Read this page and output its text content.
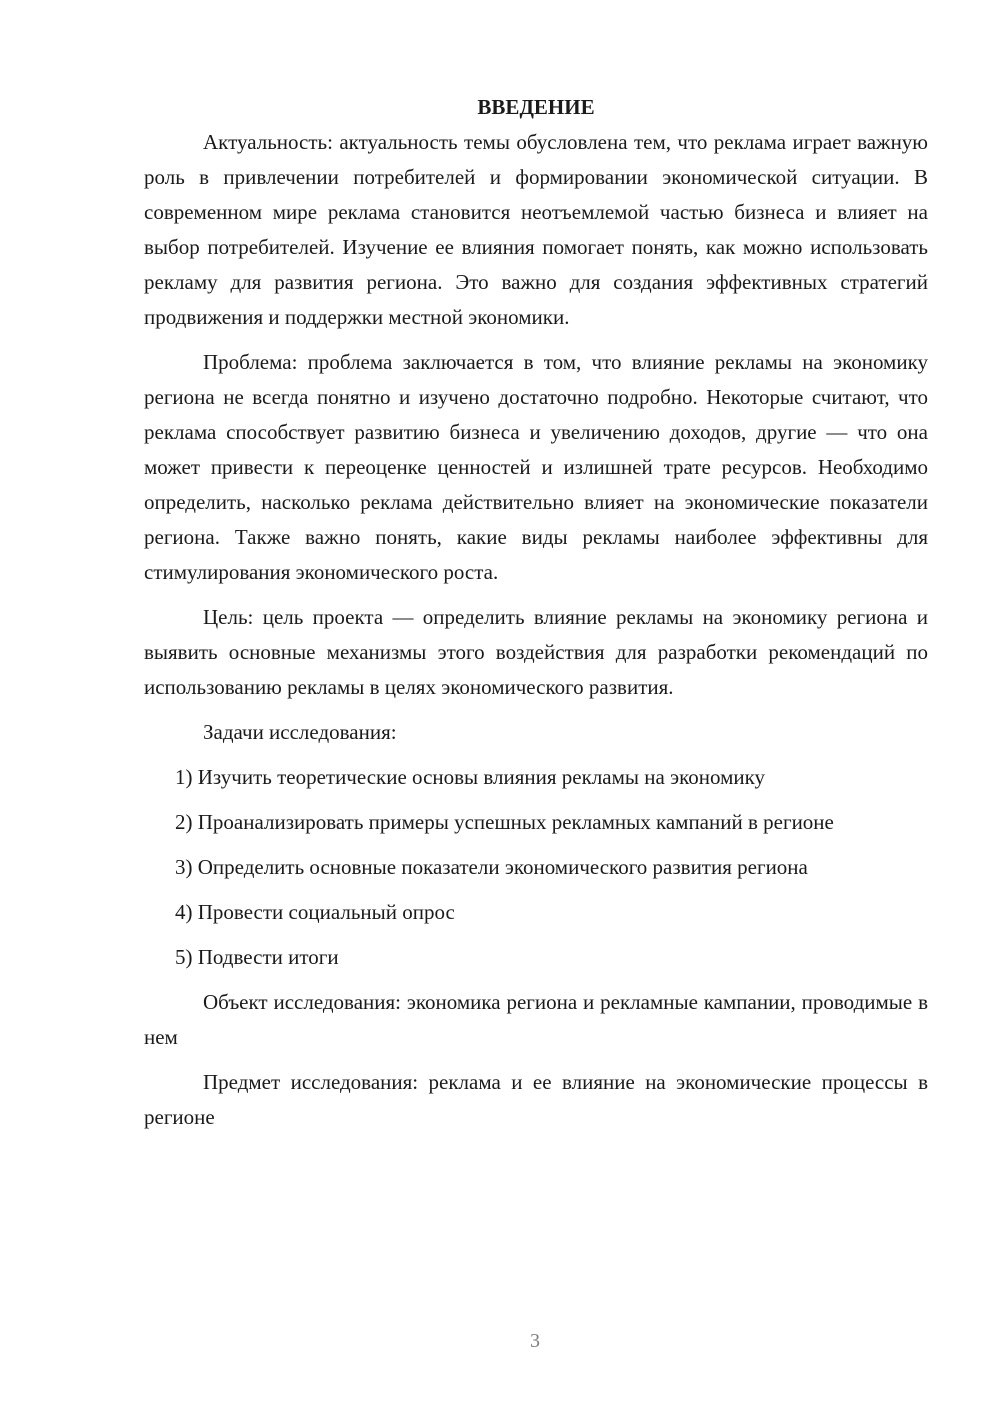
ВВЕДЕНИЕ

Актуальность: актуальность темы обусловлена тем, что реклама играет важную роль в привлечении потребителей и формировании экономической ситуации. В современном мире реклама становится неотъемлемой частью бизнеса и влияет на выбор потребителей. Изучение ее влияния помогает понять, как можно использовать рекламу для развития региона. Это важно для создания эффективных стратегий продвижения и поддержки местной экономики.

Проблема: проблема заключается в том, что влияние рекламы на экономику региона не всегда понятно и изучено достаточно подробно. Некоторые считают, что реклама способствует развитию бизнеса и увеличению доходов, другие — что она может привести к переоценке ценностей и излишней трате ресурсов. Необходимо определить, насколько реклама действительно влияет на экономические показатели региона. Также важно понять, какие виды рекламы наиболее эффективны для стимулирования экономического роста.

Цель: цель проекта — определить влияние рекламы на экономику региона и выявить основные механизмы этого воздействия для разработки рекомендаций по использованию рекламы в целях экономического развития.

Задачи исследования:

1) Изучить теоретические основы влияния рекламы на экономику

2) Проанализировать примеры успешных рекламных кампаний в регионе

3) Определить основные показатели экономического развития региона

4) Провести социальный опрос

5) Подвести итоги

Объект исследования: экономика региона и рекламные кампании, проводимые в нем

Предмет исследования: реклама и ее влияние на экономические процессы в регионе

3
